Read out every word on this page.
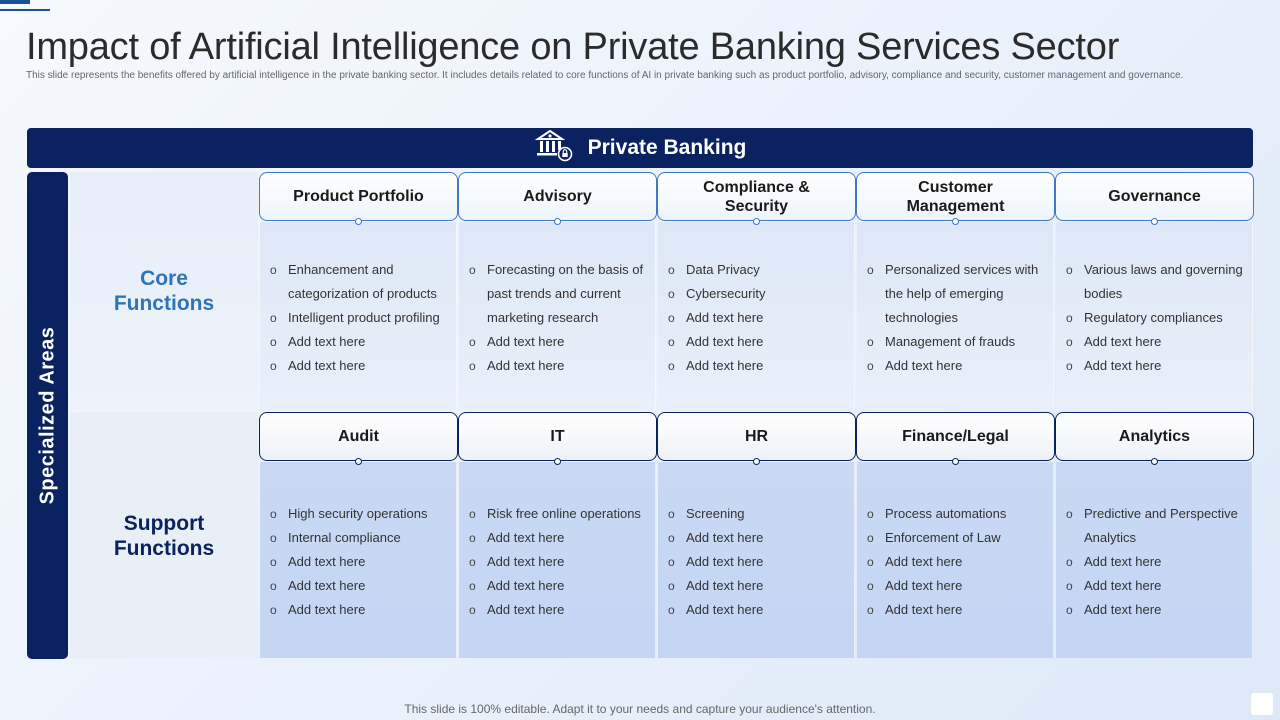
Impact of Artificial Intelligence on Private Banking Services Sector

This slide represents the benefits offered by artificial intelligence in the private banking sector. It includes details related to core functions of AI in private banking such as product portfolio, advisory, compliance and security, customer management and governance.

Private Banking
Specialized Areas
Core Functions
Support Functions
o Enhancement and categorization of products
o Intelligent product profiling
o Add text here
o Add text here
Product Portfolio
o Forecasting on the basis of past trends and current marketing research
o Add text here
o Add text here
Advisory
o Data Privacy
o Cybersecurity
o Add text here
o Add text here
o Add text here
Compliance & Security
o Personalized services with the help of emerging technologies
o Management of frauds
o Add text here
Customer Management
o Various laws and governing bodies
o Regulatory compliances
o Add text here
o Add text here
Governance
o High security operations
o Internal compliance
o Add text here
o Add text here
o Add text here
Audit
o Risk free online operations
o Add text here
o Add text here
o Add text here
o Add text here
IT
o Screening
o Add text here
o Add text here
o Add text here
o Add text here
HR
o Process automations
o Enforcement of Law
o Add text here
o Add text here
o Add text here
Finance/Legal
o Predictive and Perspective Analytics
o Add text here
o Add text here
o Add text here
Analytics
This slide is 100% editable. Adapt it to your needs and capture your audience's attention.
